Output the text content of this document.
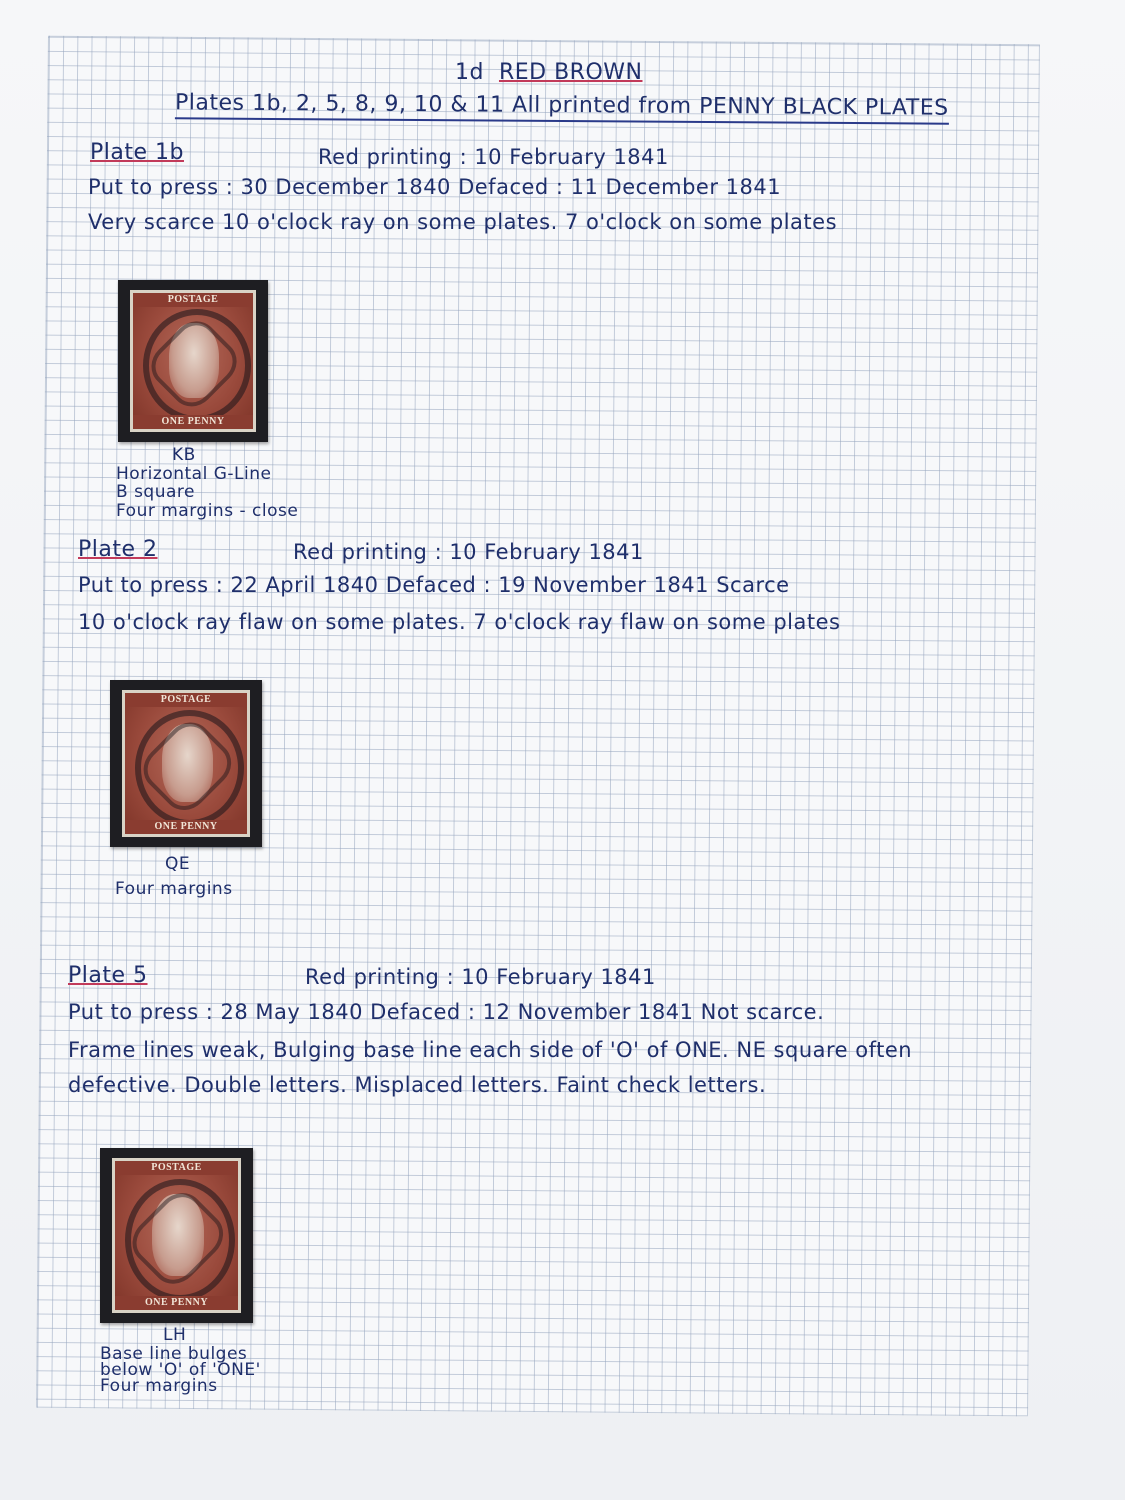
1d RED BROWN
Plates 1b, 2, 5, 8, 9, 10 & 11 All printed from PENNY BLACK PLATES
Plate 1b	Red printing : 10 February 1841
Put to press : 30 December 1840 Defaced : 11 December 1841
Very scarce 10 o'clock ray on some plates. 7 o'clock on some plates
POSTAGE
ONE PENNY
KB
Horizontal G-Line
B square
Four margins - close
Plate 2	Red printing : 10 February 1841
Put to press : 22 April 1840 Defaced : 19 November 1841 Scarce
10 o'clock ray flaw on some plates. 7 o'clock ray flaw on some plates
POSTAGE
ONE PENNY
QE
Four margins
Plate 5	Red printing : 10 February 1841
Put to press : 28 May 1840 Defaced : 12 November 1841 Not scarce.
Frame lines weak, Bulging base line each side of 'O' of ONE. NE square often
defective. Double letters. Misplaced letters. Faint check letters.
POSTAGE
ONE PENNY
LH
Base line bulges
below 'O' of 'ONE'
Four margins
